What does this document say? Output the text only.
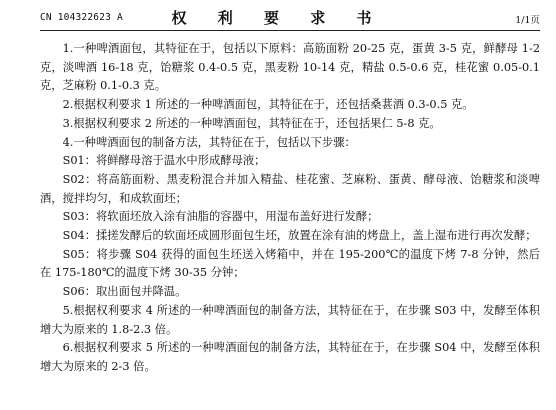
CN 104322623 A	权 利 要 求 书	1/1页

1.一种啤酒面包，其特征在于，包括以下原料：高筋面粉 20-25 克，蛋黄 3-5 克，鲜酵母 1-2 克，淡啤酒 16-18 克，饴糖浆 0.4-0.5 克，黑麦粉 10-14 克，精盐 0.5-0.6 克，桂花蜜 0.05-0.1 克，芝麻粉 0.1-0.3 克。

2.根据权利要求 1 所述的一种啤酒面包，其特征在于，还包括桑葚酒 0.3-0.5 克。

3.根据权利要求 2 所述的一种啤酒面包，其特征在于，还包括果仁 5-8 克。

4.一种啤酒面包的制备方法，其特征在于，包括以下步骤：

S01：将鲜酵母溶于温水中形成酵母液；

S02：将高筋面粉、黑麦粉混合并加入精盐、桂花蜜、芝麻粉、蛋黄、酵母液、饴糖浆和淡啤酒，搅拌均匀，和成软面坯；

S03：将软面坯放入涂有油脂的容器中，用湿布盖好进行发酵；

S04：揉搓发酵后的软面坯成圆形面包生坯，放置在涂有油的烤盘上，盖上湿布进行再次发酵；

S05：将步骤 S04 获得的面包生坯送入烤箱中，并在 195-200℃的温度下烤 7-8 分钟，然后在 175-180℃的温度下烤 30-35 分钟；

S06：取出面包并降温。

5.根据权利要求 4 所述的一种啤酒面包的制备方法，其特征在于，在步骤 S03 中，发酵至体积增大为原来的 1.8-2.3 倍。

6.根据权利要求 5 所述的一种啤酒面包的制备方法，其特征在于，在步骤 S04 中，发酵至体积增大为原来的 2-3 倍。
